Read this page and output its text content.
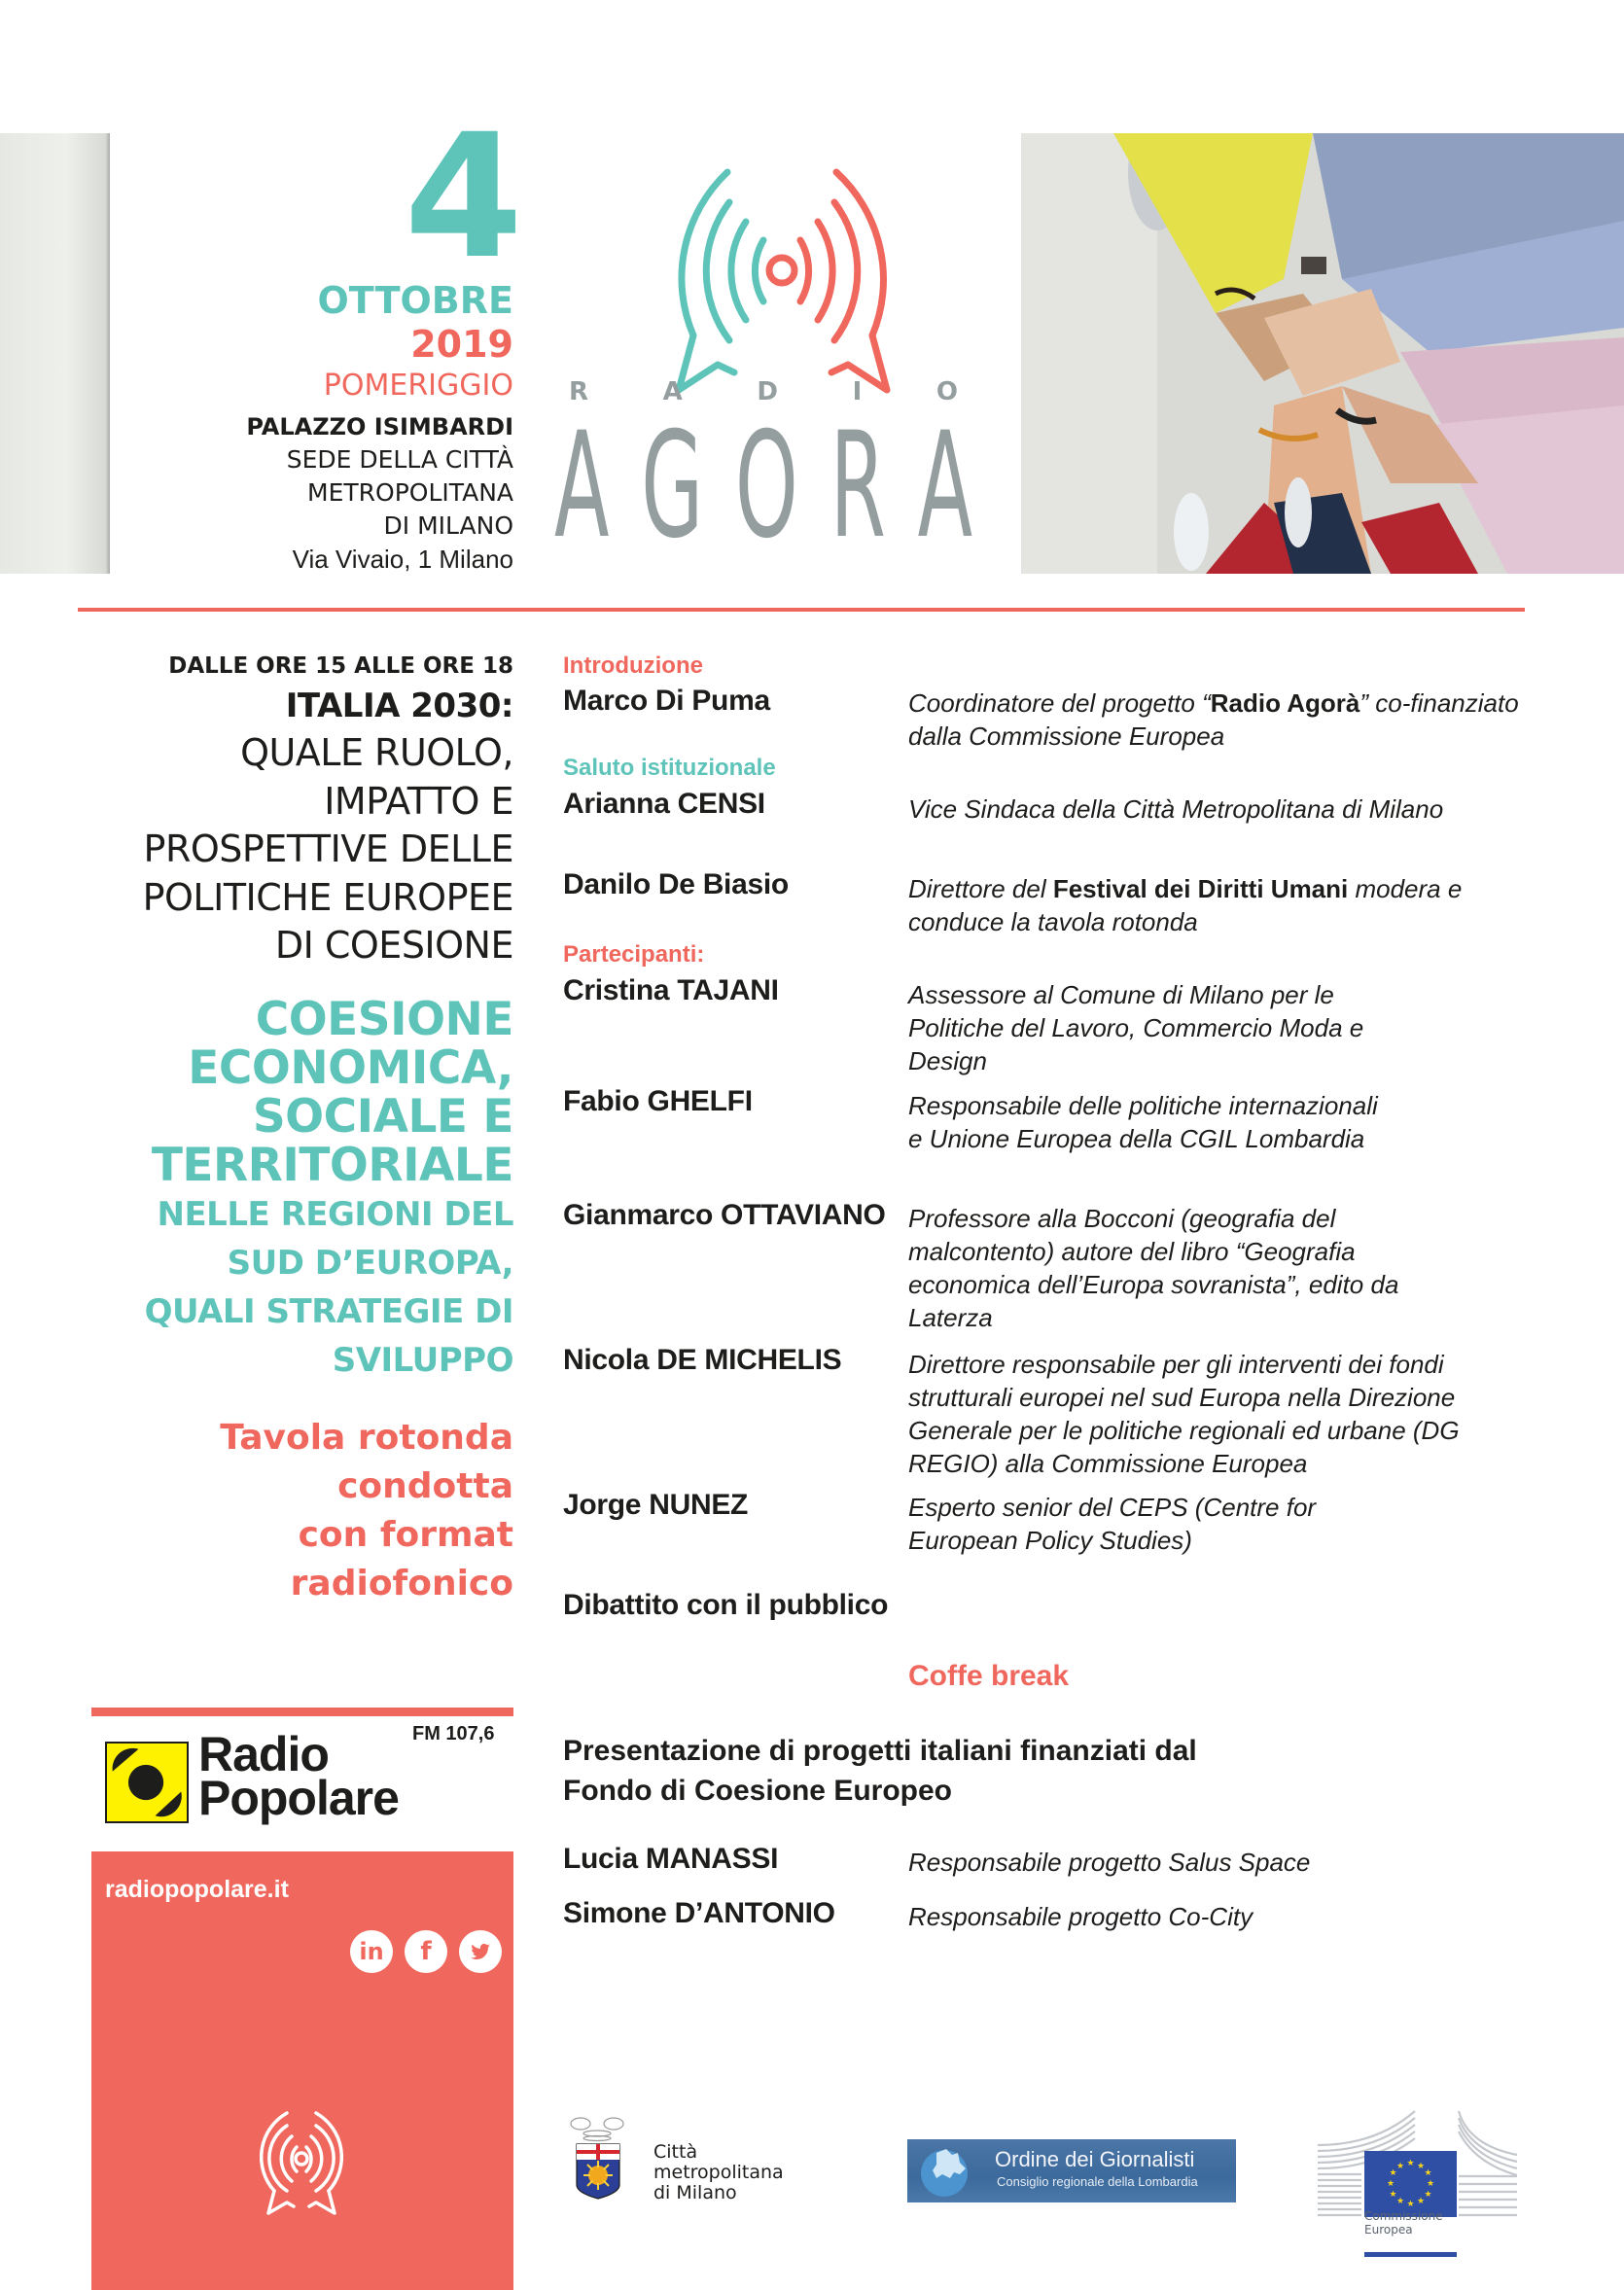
4
OTTOBRE
2019
POMERIGGIO
PALAZZO ISIMBARDI
SEDE DELLA CITTÀ
METROPOLITANA
DI MILANO
Via Vivaio, 1 Milano
R	A	D	I	O
A G O R A
DALLE ORE 15 ALLE ORE 18
ITALIA 2030:
QUALE RUOLO,
IMPATTO E
PROSPETTIVE DELLE
POLITICHE EUROPEE
DI COESIONE
COESIONE
ECONOMICA,
SOCIALE E
TERRITORIALE
NELLE REGIONI DEL
SUD D’EUROPA,
QUALI STRATEGIE DI
SVILUPPO
Tavola rotonda
condotta
con format
radiofonico
Radio
Popolare
FM 107,6
radiopopolare.it
in	f
Introduzione
Marco Di Puma	Coordinatore del progetto “Radio Agorà” co-finanziato dalla Commissione Europea
Saluto istituzionale
Arianna CENSI	Vice Sindaca della Città Metropolitana di Milano
Danilo De Biasio	Direttore del Festival dei Diritti Umani modera e conduce la tavola rotonda
Partecipanti:
Cristina TAJANI	Assessore al Comune di Milano per le Politiche del Lavoro, Commercio Moda e Design
Fabio GHELFI	Responsabile delle politiche internazionali e Unione Europea della CGIL Lombardia
Gianmarco OTTAVIANO Professore alla Bocconi (geografia del malcontento) autore del libro “Geografia economica dell’Europa sovranista”, edito da Laterza
Nicola DE MICHELIS	Direttore responsabile per gli interventi dei fondi strutturali europei nel sud Europa nella Direzione Generale per le politiche regionali ed urbane (DG REGIO) alla Commissione Europea
Jorge NUNEZ	Esperto senior del CEPS (Centre for European Policy Studies)
Dibattito con il pubblico
Coffe break
Presentazione di progetti italiani finanziati dal
Fondo di Coesione Europeo
Lucia MANASSI	Responsabile progetto Salus Space
Simone D’ANTONIO	Responsabile progetto Co-City
Città
metropolitana
di Milano
Ordine dei Giornalisti
Consiglio regionale della Lombardia
★ ★
★
★
★
★
★
★
★
★
★
★
Commissione
Europea
